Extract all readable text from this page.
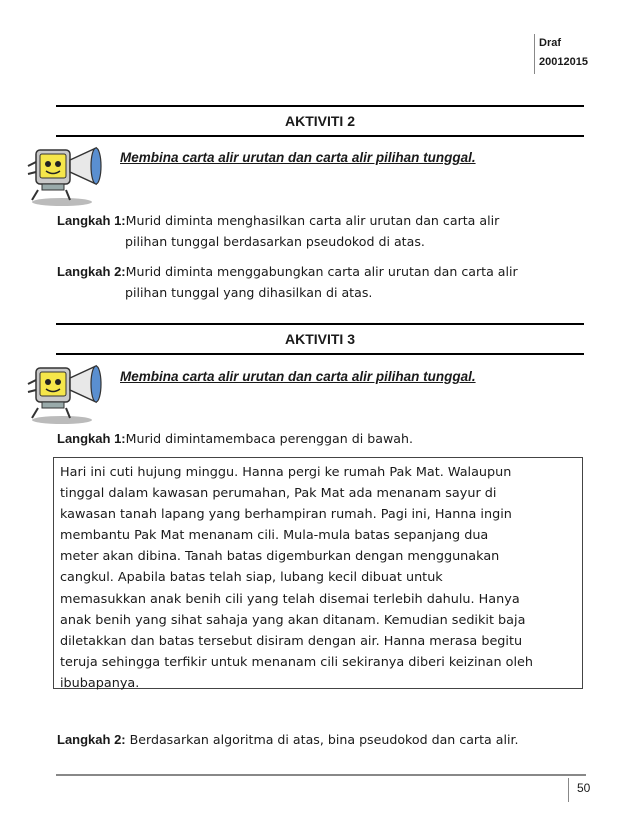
Draf
20012015
AKTIVITI 2
Membina carta alir urutan dan carta alir pilihan tunggal.
Langkah 1:Murid diminta menghasilkan carta alir urutan dan carta alir
pilihan tunggal berdasarkan pseudokod di atas.
Langkah 2:Murid diminta menggabungkan carta alir urutan dan carta alir
pilihan tunggal yang dihasilkan di atas.
AKTIVITI 3
Membina carta alir urutan dan carta alir pilihan tunggal.
Langkah 1:Murid dimintamembaca perenggan di bawah.
Hari ini cuti hujung minggu. Hanna pergi ke rumah Pak Mat. Walaupun
tinggal dalam kawasan perumahan, Pak Mat ada menanam sayur di
kawasan tanah lapang yang berhampiran rumah. Pagi ini, Hanna ingin
membantu Pak Mat menanam cili. Mula-mula batas sepanjang dua
meter akan dibina. Tanah batas digemburkan dengan menggunakan
cangkul. Apabila batas telah siap, lubang kecil dibuat untuk
memasukkan anak benih cili yang telah disemai terlebih dahulu. Hanya
anak benih yang sihat sahaja yang akan ditanam. Kemudian sedikit baja
diletakkan dan batas tersebut disiram dengan air. Hanna merasa begitu
teruja sehingga terfikir untuk menanam cili sekiranya diberi keizinan oleh
ibubapanya.
Langkah 2: Berdasarkan algoritma di atas, bina pseudokod dan carta alir.
50
